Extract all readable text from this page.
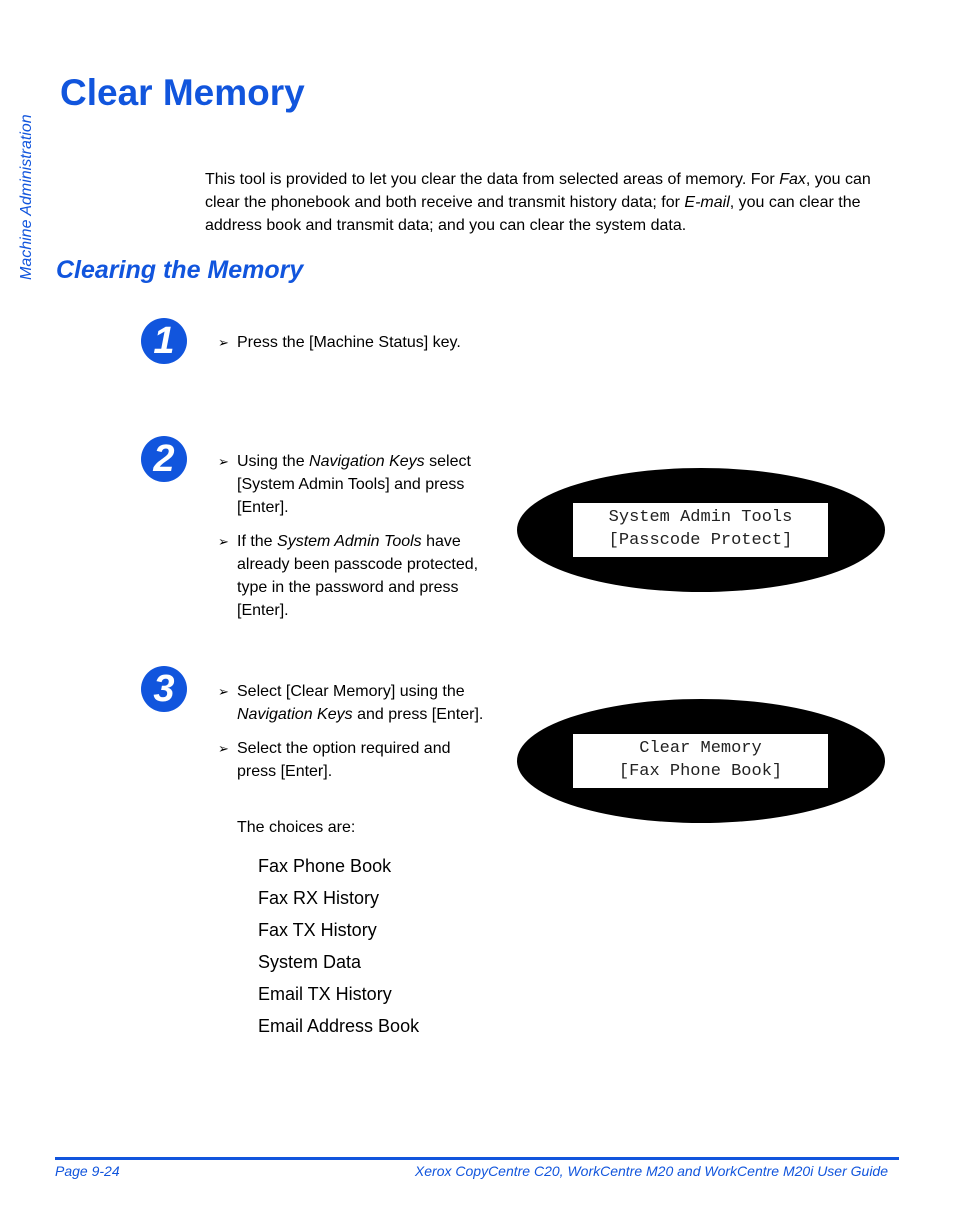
Machine Administration
Clear Memory

This tool is provided to let you clear the data from selected areas of memory. For Fax, you can clear the phonebook and both receive and transmit history data; for E-mail, you can clear the address book and transmit data; and you can clear the system data.

Clearing the Memory
1	➢ Press the [Machine Status] key.
2	➢ Using the Navigation Keys select [System Admin Tools] and press [Enter].
➢ If the System Admin Tools have already been passcode protected, type in the password and press [Enter].
System Admin Tools
[Passcode Protect]
3	➢ Select [Clear Memory] using the Navigation Keys and press [Enter].
➢ Select the option required and press [Enter].
Clear Memory
[Fax Phone Book]
The choices are:
Fax Phone Book
Fax RX History
Fax TX History
System Data
Email TX History
Email Address Book
Page 9-24	Xerox CopyCentre C20, WorkCentre M20 and WorkCentre M20i User Guide
